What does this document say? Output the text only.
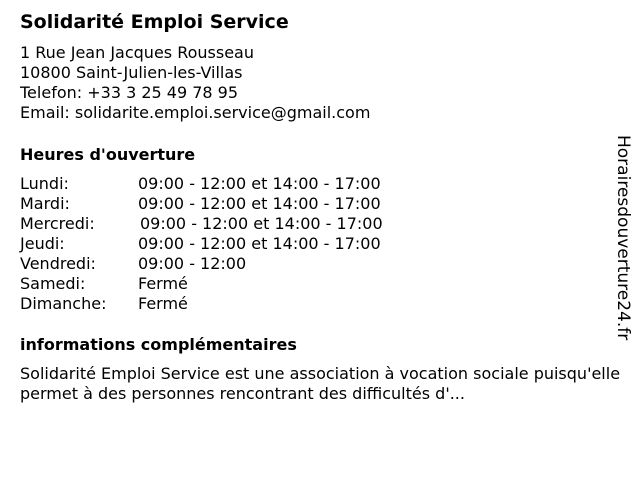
Solidarité Emploi Service
1 Rue Jean Jacques Rousseau
10800 Saint-Julien-les-Villas
Telefon: +33 3 25 49 78 95
Email: solidarite.emploi.service@gmail.com
Heures d'ouverture
Lundi:	09:00 - 12:00 et 14:00 - 17:00
Mardi:	09:00 - 12:00 et 14:00 - 17:00
Mercredi:	09:00 - 12:00 et 14:00 - 17:00
Jeudi:	09:00 - 12:00 et 14:00 - 17:00
Vendredi:	09:00 - 12:00
Samedi:	Fermé
Dimanche: Fermé
informations complémentaires
Solidarité Emploi Service est une association à vocation sociale puisqu'elle permet à des personnes rencontrant des difficultés d'...
Horairesdouverture24.fr
